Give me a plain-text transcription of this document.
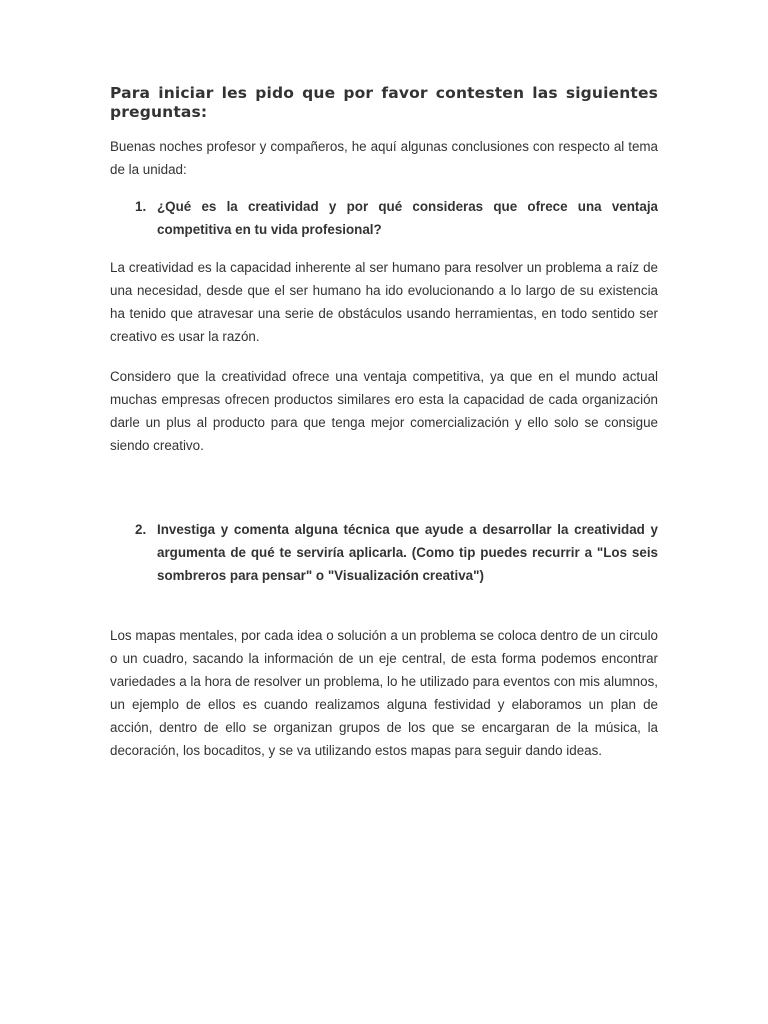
Para iniciar les pido que por favor contesten las siguientes
preguntas:

Buenas noches profesor y compañeros, he aquí algunas conclusiones con respecto al tema de la unidad:

1. ¿Qué es la creatividad y por qué consideras que ofrece una ventaja competitiva en tu vida profesional?

La creatividad es la capacidad inherente al ser humano para resolver un problema a raíz de una necesidad, desde que el ser humano ha ido evolucionando a lo largo de su existencia ha tenido que atravesar una serie de obstáculos usando herramientas, en todo sentido ser creativo es usar la razón.

Considero que la creatividad ofrece una ventaja competitiva, ya que en el mundo actual muchas empresas ofrecen productos similares ero esta la capacidad de cada organización darle un plus al producto para que tenga mejor comercialización y ello solo se consigue siendo creativo.

2. Investiga y comenta alguna técnica que ayude a desarrollar la creatividad y argumenta de qué te serviría aplicarla. (Como tip puedes recurrir a "Los seis sombreros para pensar" o "Visualización creativa")

Los mapas mentales, por cada idea o solución a un problema se coloca dentro de un circulo o un cuadro, sacando la información de un eje central, de esta forma podemos encontrar variedades a la hora de resolver un problema, lo he utilizado para eventos con mis alumnos, un ejemplo de ellos es cuando realizamos alguna festividad y elaboramos un plan de acción, dentro de ello se organizan grupos de los que se encargaran de la música, la decoración, los bocaditos, y se va utilizando estos mapas para seguir dando ideas.
